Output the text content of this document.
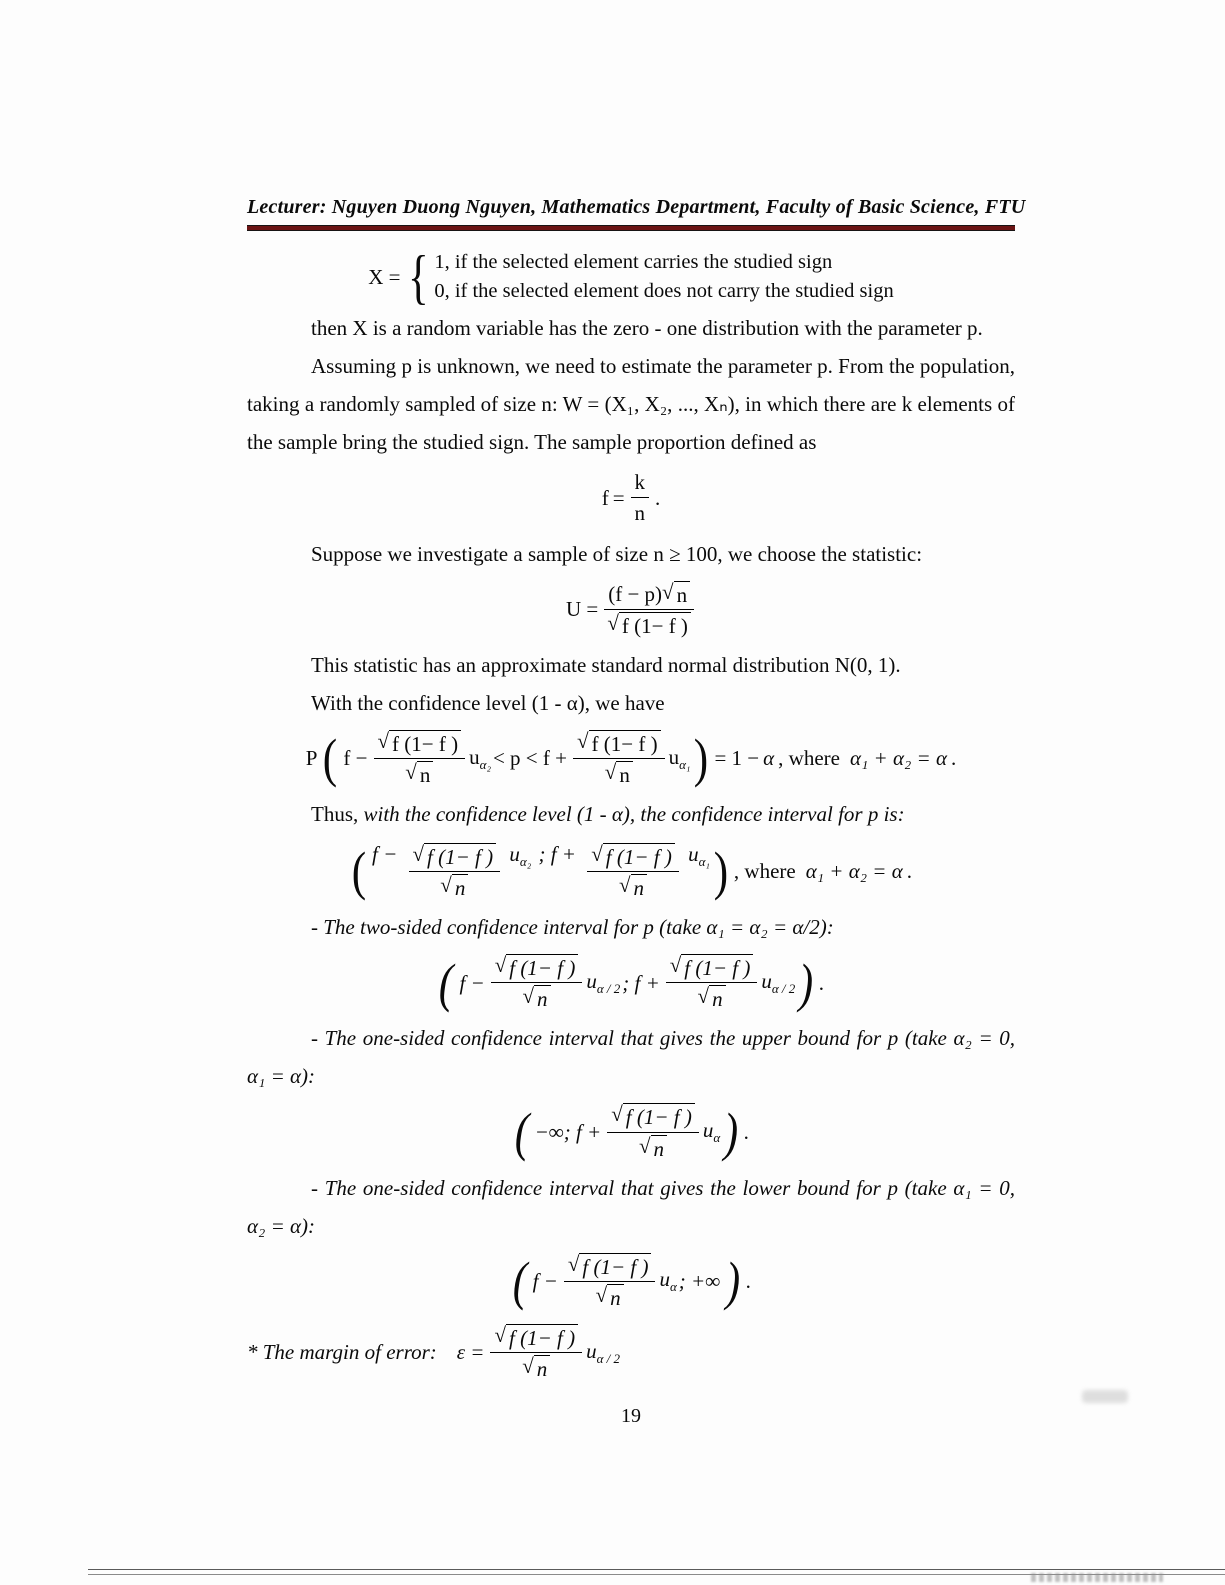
Lecturer: Nguyen Duong Nguyen, Mathematics Department, Faculty of Basic Science, FTU
X = { 1, if the selected element carries the studied sign
0, if the selected element does not carry the studied sign

then X is a random variable has the zero - one distribution with the parameter p.

Assuming p is unknown, we need to estimate the parameter p. From the population, taking a randomly sampled of size n: W = (X₁, X₂, ..., Xₙ), in which there are k elements of the sample bring the studied sign. The sample proportion defined as

$f = \frac{k}{n}$ .

Suppose we investigate a sample of size n ≥ 100, we choose the statistic:

$U = \frac{(f - p) √ n}{√ f (1- f )}$

This statistic has an approximate standard normal distribution N(0, 1).

With the confidence level (1 - α), we have

P ( $f - \frac{√ f (1- f )}{√ n} u_{\alpha_2} < p < f + \frac{√ f (1- f )}{√ n} u_{\alpha_1}$ ) = 1 − α , where α₁ + α₂ = α .

Thus, with the confidence level (1 - α), the confidence interval for p is:

( $f - \frac{√ f (1- f )}{√ n} u_{\alpha_2}$ ; $f + \frac{√ f (1- f )}{√ n} u_{\alpha_1}$ ) , where α₁ + α₂ = α .

- The two-sided confidence interval for p (take α₁ = α₂ = α/2):

( $f - \frac{√ f (1- f )}{√ n} u_{\alpha / 2}$ ; $f + \frac{√ f (1- f )}{√ n} u_{\alpha / 2}$ ) .

- The one-sided confidence interval that gives the upper bound for p (take α₂ = 0, α₁ = α):

( −∞; $f + \frac{√ f (1- f )}{√ n} u_\alpha$ ) .

- The one-sided confidence interval that gives the lower bound for p (take α₁ = 0, α₂ = α):

( $f - \frac{√ f (1- f )}{√ n} u_\alpha$ ; +∞ ) .
* The margin of error: $\varepsilon = \frac{√ f (1- f )}{√ n} u_{\alpha / 2}$
19
